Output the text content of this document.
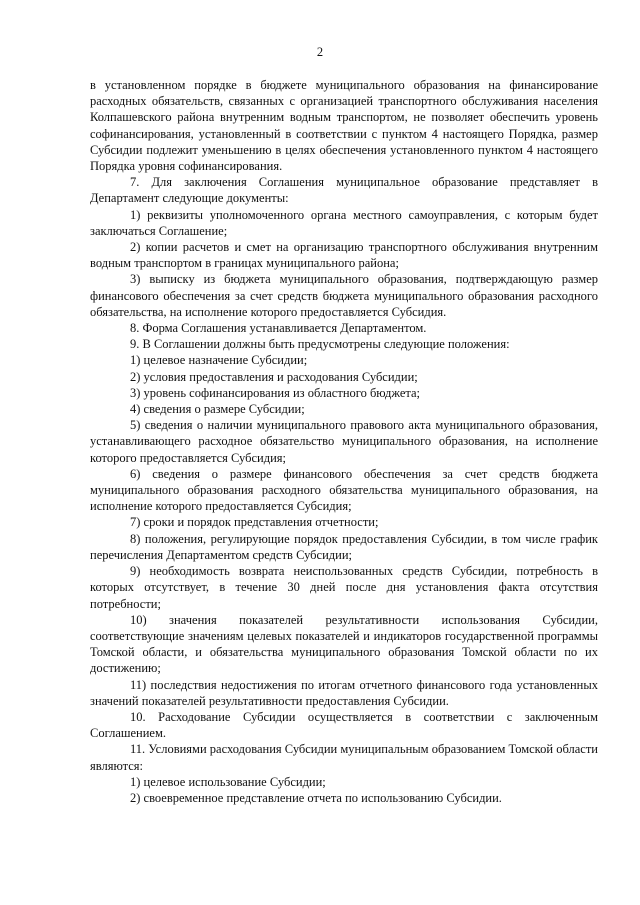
2

в установленном порядке в бюджете муниципального образования на финансирование расходных обязательств, связанных с организацией транспортного обслуживания населения Колпашевского района внутренним водным транспортом, не позволяет обеспечить уровень софинансирования, установленный в соответствии с пунктом 4 настоящего Порядка, размер Субсидии подлежит уменьшению в целях обеспечения установленного пунктом 4 настоящего Порядка уровня софинансирования.

7. Для заключения Соглашения муниципальное образование представляет в Департамент следующие документы:

1) реквизиты уполномоченного органа местного самоуправления, с которым будет заключаться Соглашение;

2) копии расчетов и смет на организацию транспортного обслуживания внутренним водным транспортом в границах муниципального района;

3) выписку из бюджета муниципального образования, подтверждающую размер финансового обеспечения за счет средств бюджета муниципального образования расходного обязательства, на исполнение которого предоставляется Субсидия.

8. Форма Соглашения устанавливается Департаментом.

9. В Соглашении должны быть предусмотрены следующие положения:

1) целевое назначение Субсидии;

2) условия предоставления и расходования Субсидии;

3) уровень софинансирования из областного бюджета;

4) сведения о размере Субсидии;

5) сведения о наличии муниципального правового акта муниципального образования, устанавливающего расходное обязательство муниципального образования, на исполнение которого предоставляется Субсидия;

6) сведения о размере финансового обеспечения за счет средств бюджета муниципального образования расходного обязательства муниципального образования, на исполнение которого предоставляется Субсидия;

7) сроки и порядок представления отчетности;

8) положения, регулирующие порядок предоставления Субсидии, в том числе график перечисления Департаментом средств Субсидии;

9) необходимость возврата неиспользованных средств Субсидии, потребность в которых отсутствует, в течение 30 дней после дня установления факта отсутствия потребности;

10) значения показателей результативности использования Субсидии, соответствующие значениям целевых показателей и индикаторов государственной программы Томской области, и обязательства муниципального образования Томской области по их достижению;

11) последствия недостижения по итогам отчетного финансового года установленных значений показателей результативности предоставления Субсидии.

10. Расходование Субсидии осуществляется в соответствии с заключенным Соглашением.

11. Условиями расходования Субсидии муниципальным образованием Томской области являются:

1) целевое использование Субсидии;

2) своевременное представление отчета по использованию Субсидии.
